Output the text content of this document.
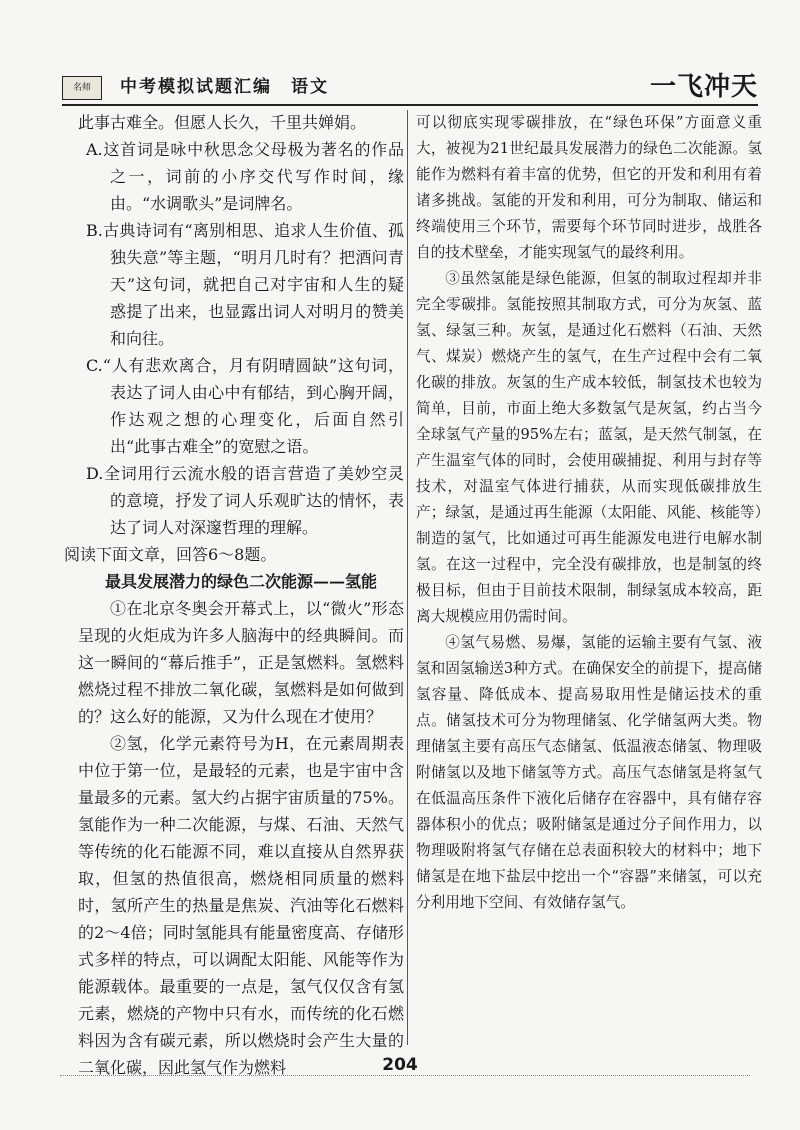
名师	中考模拟试题汇编　语文	一飞冲天

此事古难全。但愿人长久，千里共婵娟。

A.这首词是咏中秋思念父母极为著名的作品之一，词前的小序交代写作时间，缘由。“水调歌头”是词牌名。

B.古典诗词有“离别相思、追求人生价值、孤独失意”等主题，“明月几时有？把酒问青天”这句词，就把自己对宇宙和人生的疑惑提了出来，也显露出词人对明月的赞美和向往。

C.“人有悲欢离合，月有阴晴圆缺”这句词，表达了词人由心中有郁结，到心胸开阔，作达观之想的心理变化，后面自然引出“此事古难全”的宽慰之语。

D.全词用行云流水般的语言营造了美妙空灵的意境，抒发了词人乐观旷达的情怀，表达了词人对深邃哲理的理解。

阅读下面文章，回答6～8题。

最具发展潜力的绿色二次能源——氢能

①在北京冬奥会开幕式上，以“微火”形态呈现的火炬成为许多人脑海中的经典瞬间。而这一瞬间的“幕后推手”，正是氢燃料。氢燃料燃烧过程不排放二氧化碳，氢燃料是如何做到的？这么好的能源，又为什么现在才使用？

②氢，化学元素符号为H，在元素周期表中位于第一位，是最轻的元素，也是宇宙中含量最多的元素。氢大约占据宇宙质量的75%。氢能作为一种二次能源，与煤、石油、天然气等传统的化石能源不同，难以直接从自然界获取，但氢的热值很高，燃烧相同质量的燃料时，氢所产生的热量是焦炭、汽油等化石燃料的2～4倍；同时氢能具有能量密度高、存储形式多样的特点，可以调配太阳能、风能等作为能源载体。最重要的一点是，氢气仅仅含有氢元素，燃烧的产物中只有水，而传统的化石燃料因为含有碳元素，所以燃烧时会产生大量的二氧化碳，因此氢气作为燃料

可以彻底实现零碳排放，在“绿色环保”方面意义重大，被视为21世纪最具发展潜力的绿色二次能源。氢能作为燃料有着丰富的优势，但它的开发和利用有着诸多挑战。氢能的开发和利用，可分为制取、储运和终端使用三个环节，需要每个环节同时进步，战胜各自的技术壁垒，才能实现氢气的最终利用。

③虽然氢能是绿色能源，但氢的制取过程却并非完全零碳排。氢能按照其制取方式，可分为灰氢、蓝氢、绿氢三种。灰氢，是通过化石燃料（石油、天然气、煤炭）燃烧产生的氢气，在生产过程中会有二氧化碳的排放。灰氢的生产成本较低，制氢技术也较为简单，目前，市面上绝大多数氢气是灰氢，约占当今全球氢气产量的95%左右；蓝氢，是天然气制氢，在产生温室气体的同时，会使用碳捕捉、利用与封存等技术，对温室气体进行捕获，从而实现低碳排放生产；绿氢，是通过再生能源（太阳能、风能、核能等）制造的氢气，比如通过可再生能源发电进行电解水制氢。在这一过程中，完全没有碳排放，也是制氢的终极目标，但由于目前技术限制，制绿氢成本较高，距离大规模应用仍需时间。

④氢气易燃、易爆，氢能的运输主要有气氢、液氢和固氢输送3种方式。在确保安全的前提下，提高储氢容量、降低成本、提高易取用性是储运技术的重点。储氢技术可分为物理储氢、化学储氢两大类。物理储氢主要有高压气态储氢、低温液态储氢、物理吸附储氢以及地下储氢等方式。高压气态储氢是将氢气在低温高压条件下液化后储存在容器中，具有储存容器体积小的优点；吸附储氢是通过分子间作用力，以物理吸附将氢气存储在总表面积较大的材料中；地下储氢是在地下盐层中挖出一个“容器”来储氢，可以充分利用地下空间、有效储存氢气。

204
